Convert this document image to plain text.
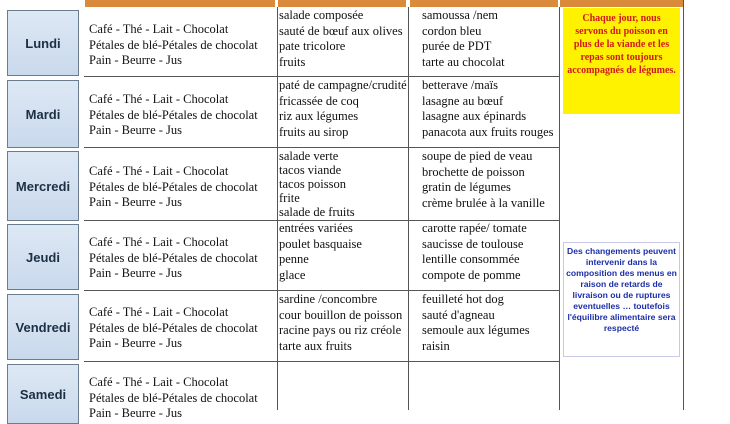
Lundi
Café - Thé - Lait - Chocolat
Pétales de blé-Pétales de chocolat
Pain - Beurre - Jus
salade composée
sauté de bœuf aux olives
pate tricolore
fruits
samoussa /nem
cordon bleu
purée de PDT
tarte au chocolat
Mardi
Café - Thé - Lait - Chocolat
Pétales de blé-Pétales de chocolat
Pain - Beurre - Jus
paté de campagne/crudité
fricassée de coq
riz aux légumes
fruits au sirop
betterave /maïs
lasagne au bœuf
lasagne aux épinards
panacota aux fruits rouges
Mercredi
Café - Thé - Lait - Chocolat
Pétales de blé-Pétales de chocolat
Pain - Beurre - Jus
salade verte
tacos viande
tacos poisson
frite
salade de fruits
soupe de pied de veau
brochette de poisson
gratin de légumes
crème brulée à la vanille
Jeudi
Café - Thé - Lait - Chocolat
Pétales de blé-Pétales de chocolat
Pain - Beurre - Jus
entrées variées
poulet basquaise
penne
glace
carotte rapée/ tomate
saucisse de toulouse
lentille consommée
compote de pomme
Vendredi
Café - Thé - Lait - Chocolat
Pétales de blé-Pétales de chocolat
Pain - Beurre - Jus
sardine /concombre
cour bouillon de poisson
racine pays ou riz créole
tarte aux fruits
feuilleté hot dog
sauté d'agneau
semoule aux légumes
raisin
Samedi
Café - Thé - Lait - Chocolat
Pétales de blé-Pétales de chocolat
Pain - Beurre - Jus
Chaque jour, nous servons du poisson en plus de la viande et les repas sont toujours accompagnés de légumes.
Des changements peuvent intervenir dans la composition des menus en raison de retards de livraison ou de ruptures eventuelles … toutefois l'équilibre alimentaire sera respecté
